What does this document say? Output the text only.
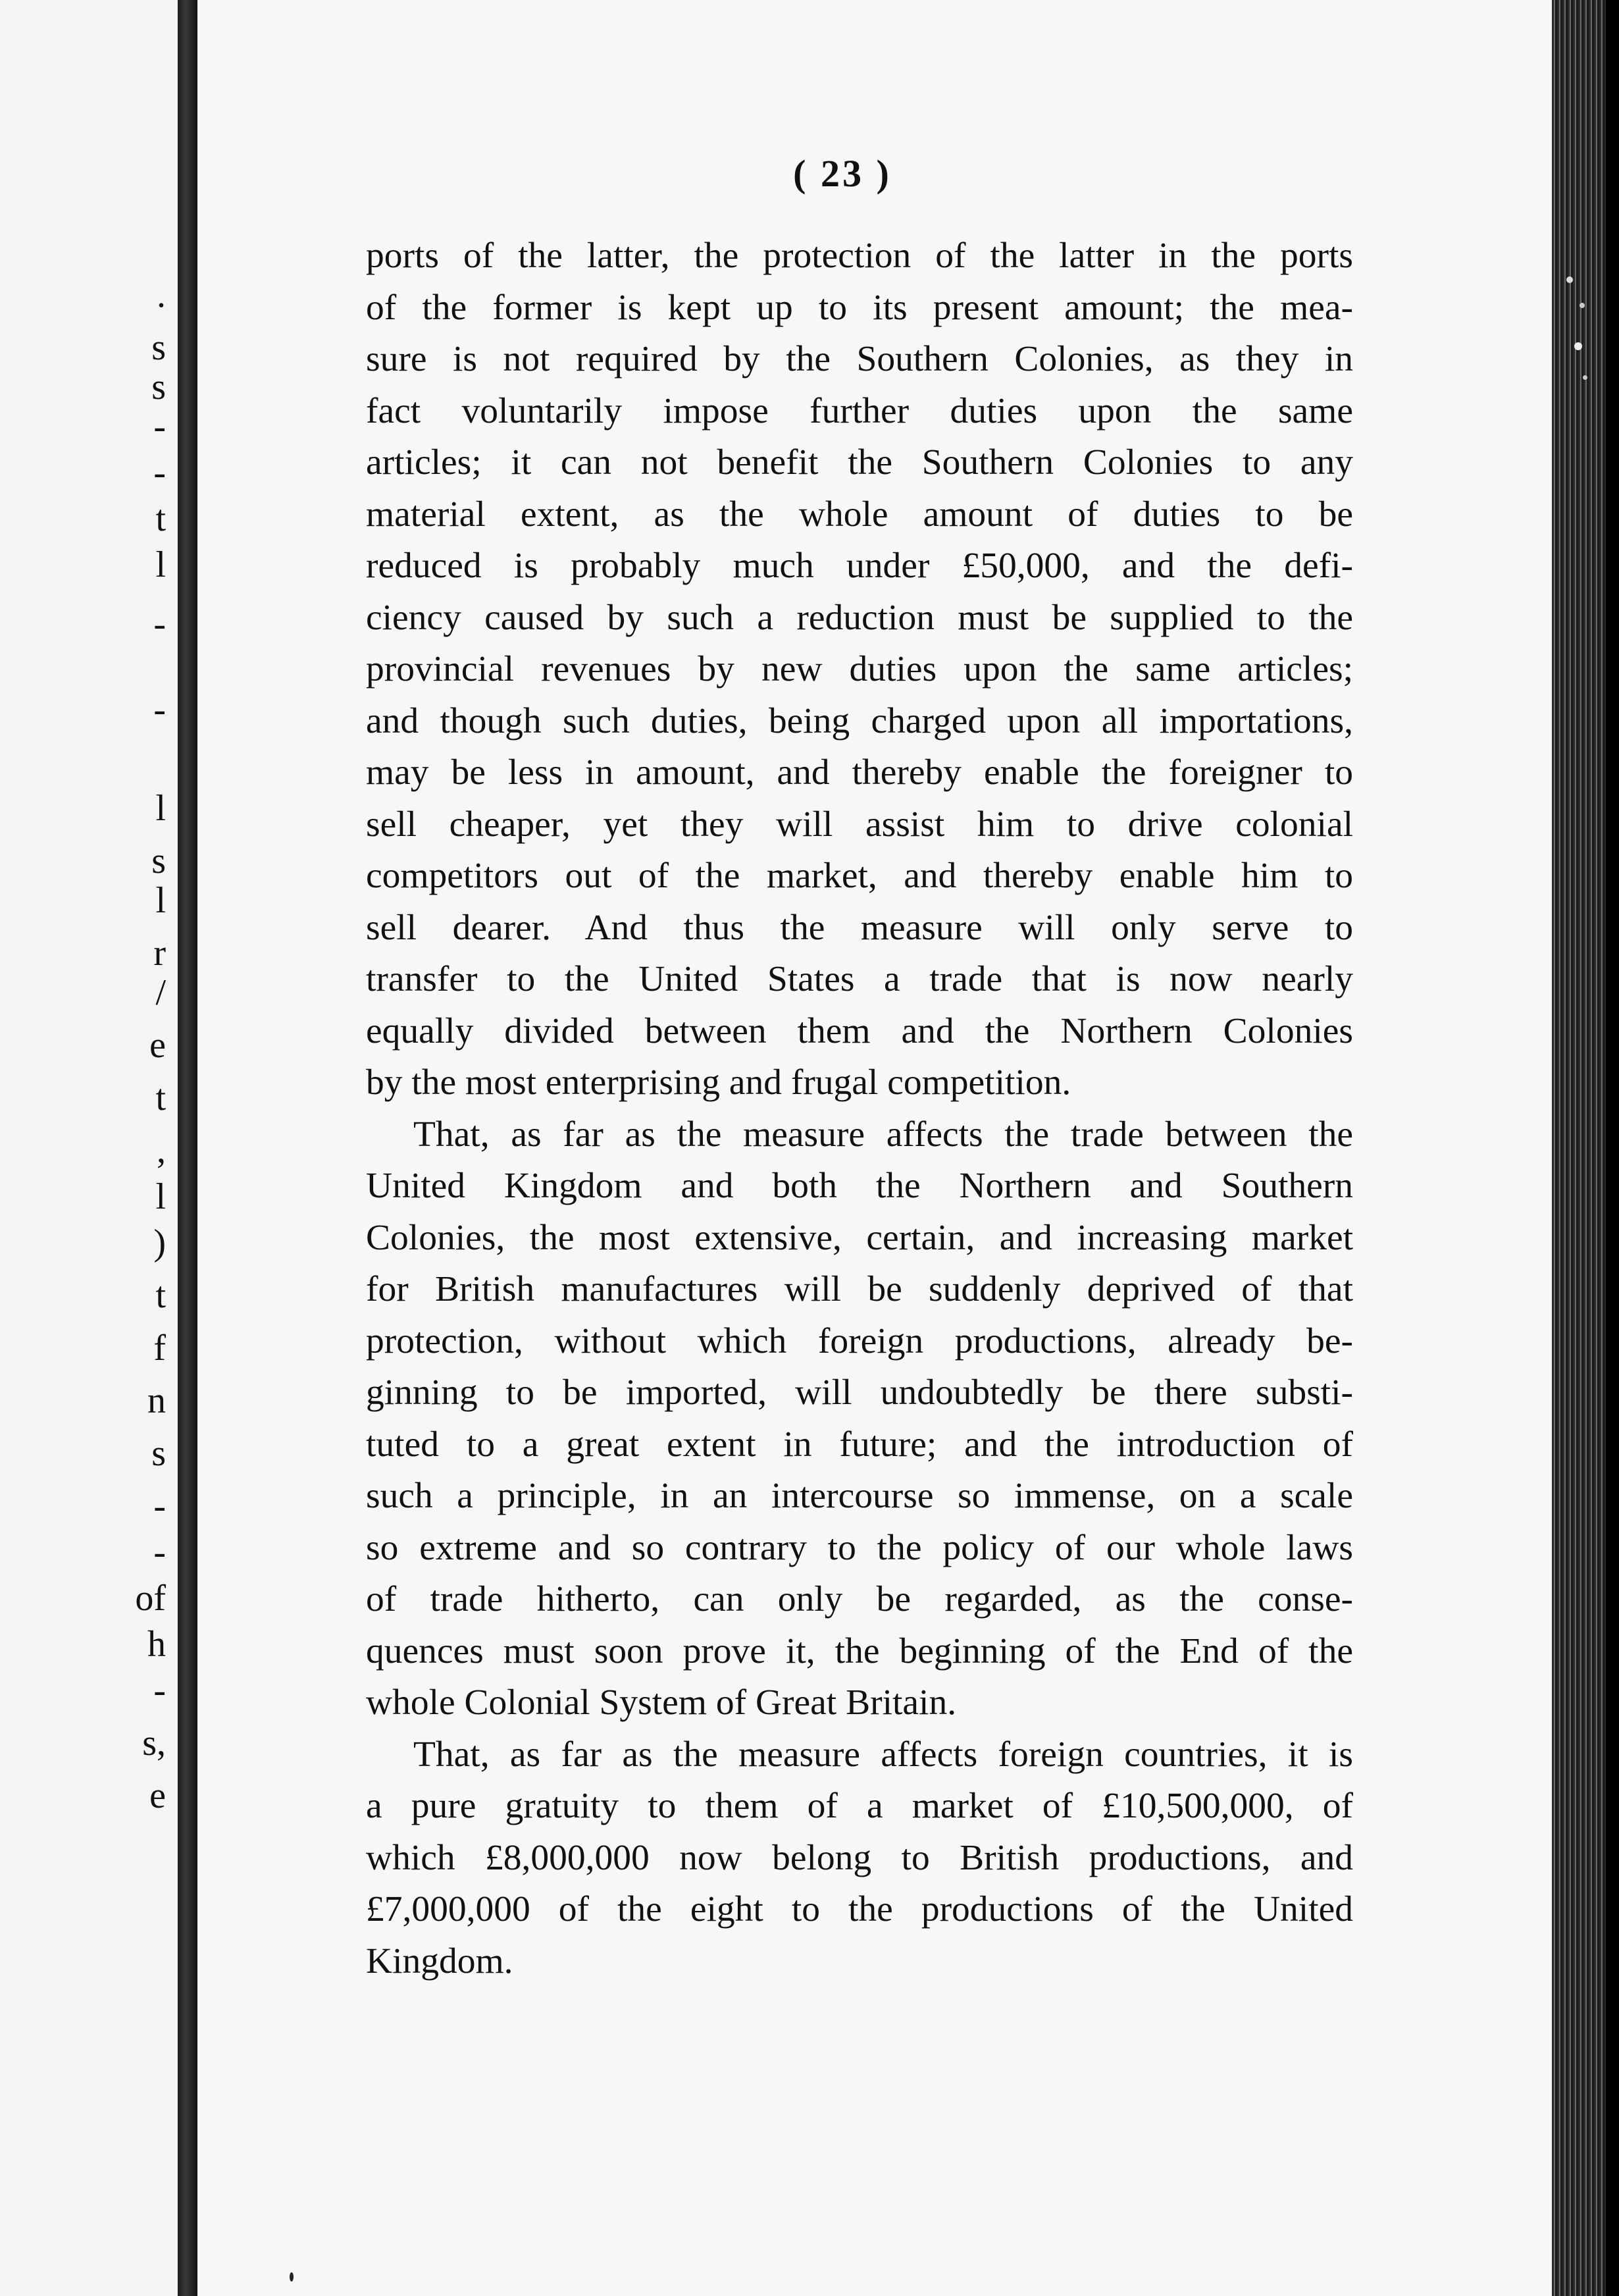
.
s
s
-
-
t
l
-
-
l
s
l
r
/
e
t
,
l
)
t
f
n
s
-
-
of
h
-
s,
e
( 23 )
ports of the latter, the protection of the latter in the ports
of the former is kept up to its present amount; the mea-
sure is not required by the Southern Colonies, as they in
fact voluntarily impose further duties upon the same
articles; it can not benefit the Southern Colonies to any
material extent, as the whole amount of duties to be
reduced is probably much under £50,000, and the defi-
ciency caused by such a reduction must be supplied to the
provincial revenues by new duties upon the same articles;
and though such duties, being charged upon all importations,
may be less in amount, and thereby enable the foreigner to
sell cheaper, yet they will assist him to drive colonial
competitors out of the market, and thereby enable him to
sell dearer. And thus the measure will only serve to
transfer to the United States a trade that is now nearly
equally divided between them and the Northern Colonies
by the most enterprising and frugal competition.
That, as far as the measure affects the trade between the
United Kingdom and both the Northern and Southern
Colonies, the most extensive, certain, and increasing market
for British manufactures will be suddenly deprived of that
protection, without which foreign productions, already be-
ginning to be imported, will undoubtedly be there substi-
tuted to a great extent in future; and the introduction of
such a principle, in an intercourse so immense, on a scale
so extreme and so contrary to the policy of our whole laws
of trade hitherto, can only be regarded, as the conse-
quences must soon prove it, the beginning of the End of the
whole Colonial System of Great Britain.
That, as far as the measure affects foreign countries, it is
a pure gratuity to them of a market of £10,500,000, of
which £8,000,000 now belong to British productions, and
£7,000,000 of the eight to the productions of the United
Kingdom.
